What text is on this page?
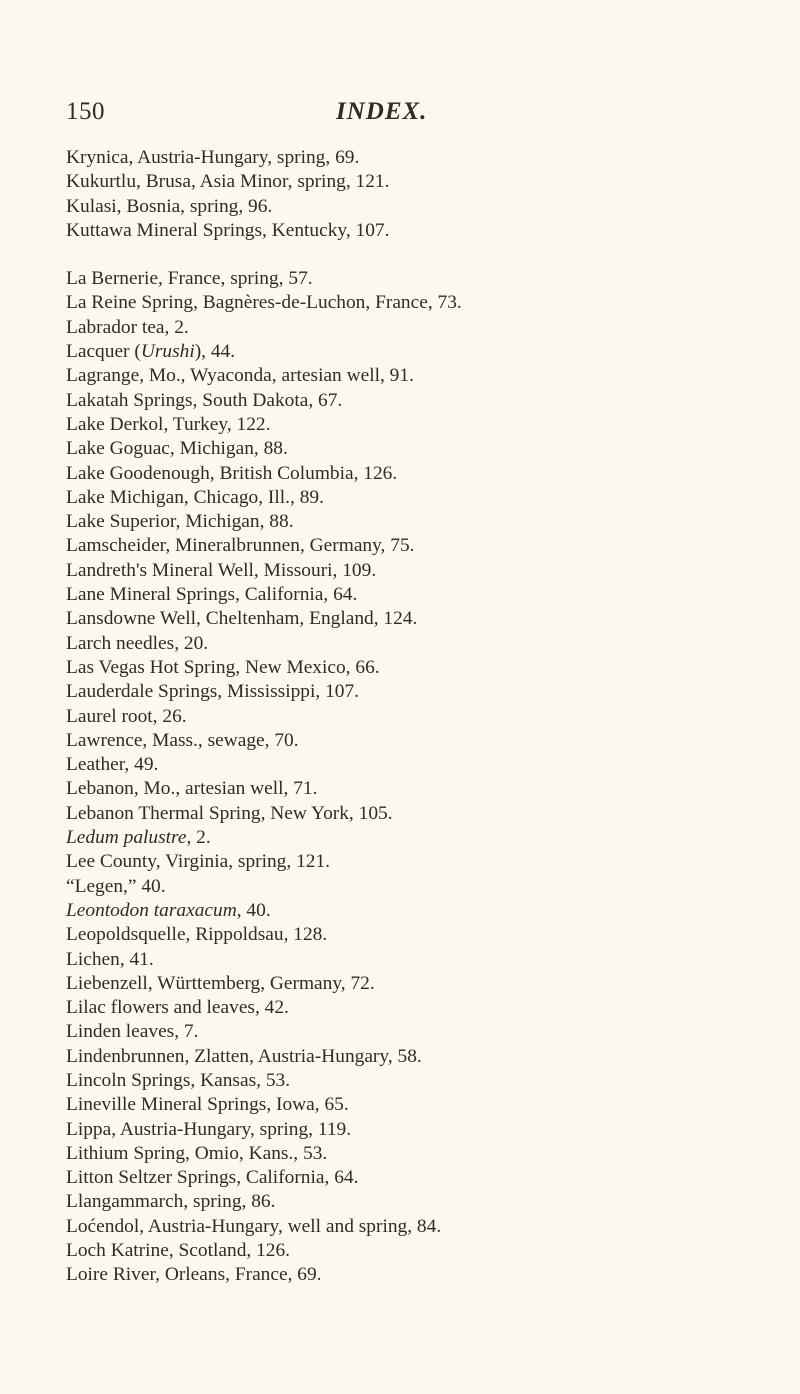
150	INDEX.
Krynica, Austria-Hungary, spring, 69.
Kukurtlu, Brusa, Asia Minor, spring, 121.
Kulasi, Bosnia, spring, 96.
Kuttawa Mineral Springs, Kentucky, 107.
La Bernerie, France, spring, 57.
La Reine Spring, Bagnères-de-Luchon, France, 73.
Labrador tea, 2.
Lacquer (Urushi), 44.
Lagrange, Mo., Wyaconda, artesian well, 91.
Lakatah Springs, South Dakota, 67.
Lake Derkol, Turkey, 122.
Lake Goguac, Michigan, 88.
Lake Goodenough, British Columbia, 126.
Lake Michigan, Chicago, Ill., 89.
Lake Superior, Michigan, 88.
Lamscheider, Mineralbrunnen, Germany, 75.
Landreth's Mineral Well, Missouri, 109.
Lane Mineral Springs, California, 64.
Lansdowne Well, Cheltenham, England, 124.
Larch needles, 20.
Las Vegas Hot Spring, New Mexico, 66.
Lauderdale Springs, Mississippi, 107.
Laurel root, 26.
Lawrence, Mass., sewage, 70.
Leather, 49.
Lebanon, Mo., artesian well, 71.
Lebanon Thermal Spring, New York, 105.
Ledum palustre, 2.
Lee County, Virginia, spring, 121.
“Legen,” 40.
Leontodon taraxacum, 40.
Leopoldsquelle, Rippoldsau, 128.
Lichen, 41.
Liebenzell, Württemberg, Germany, 72.
Lilac flowers and leaves, 42.
Linden leaves, 7.
Lindenbrunnen, Zlatten, Austria-Hungary, 58.
Lincoln Springs, Kansas, 53.
Lineville Mineral Springs, Iowa, 65.
Lippa, Austria-Hungary, spring, 119.
Lithium Spring, Omio, Kans., 53.
Litton Seltzer Springs, California, 64.
Llangammarch, spring, 86.
Loćendol, Austria-Hungary, well and spring, 84.
Loch Katrine, Scotland, 126.
Loire River, Orleans, France, 69.
